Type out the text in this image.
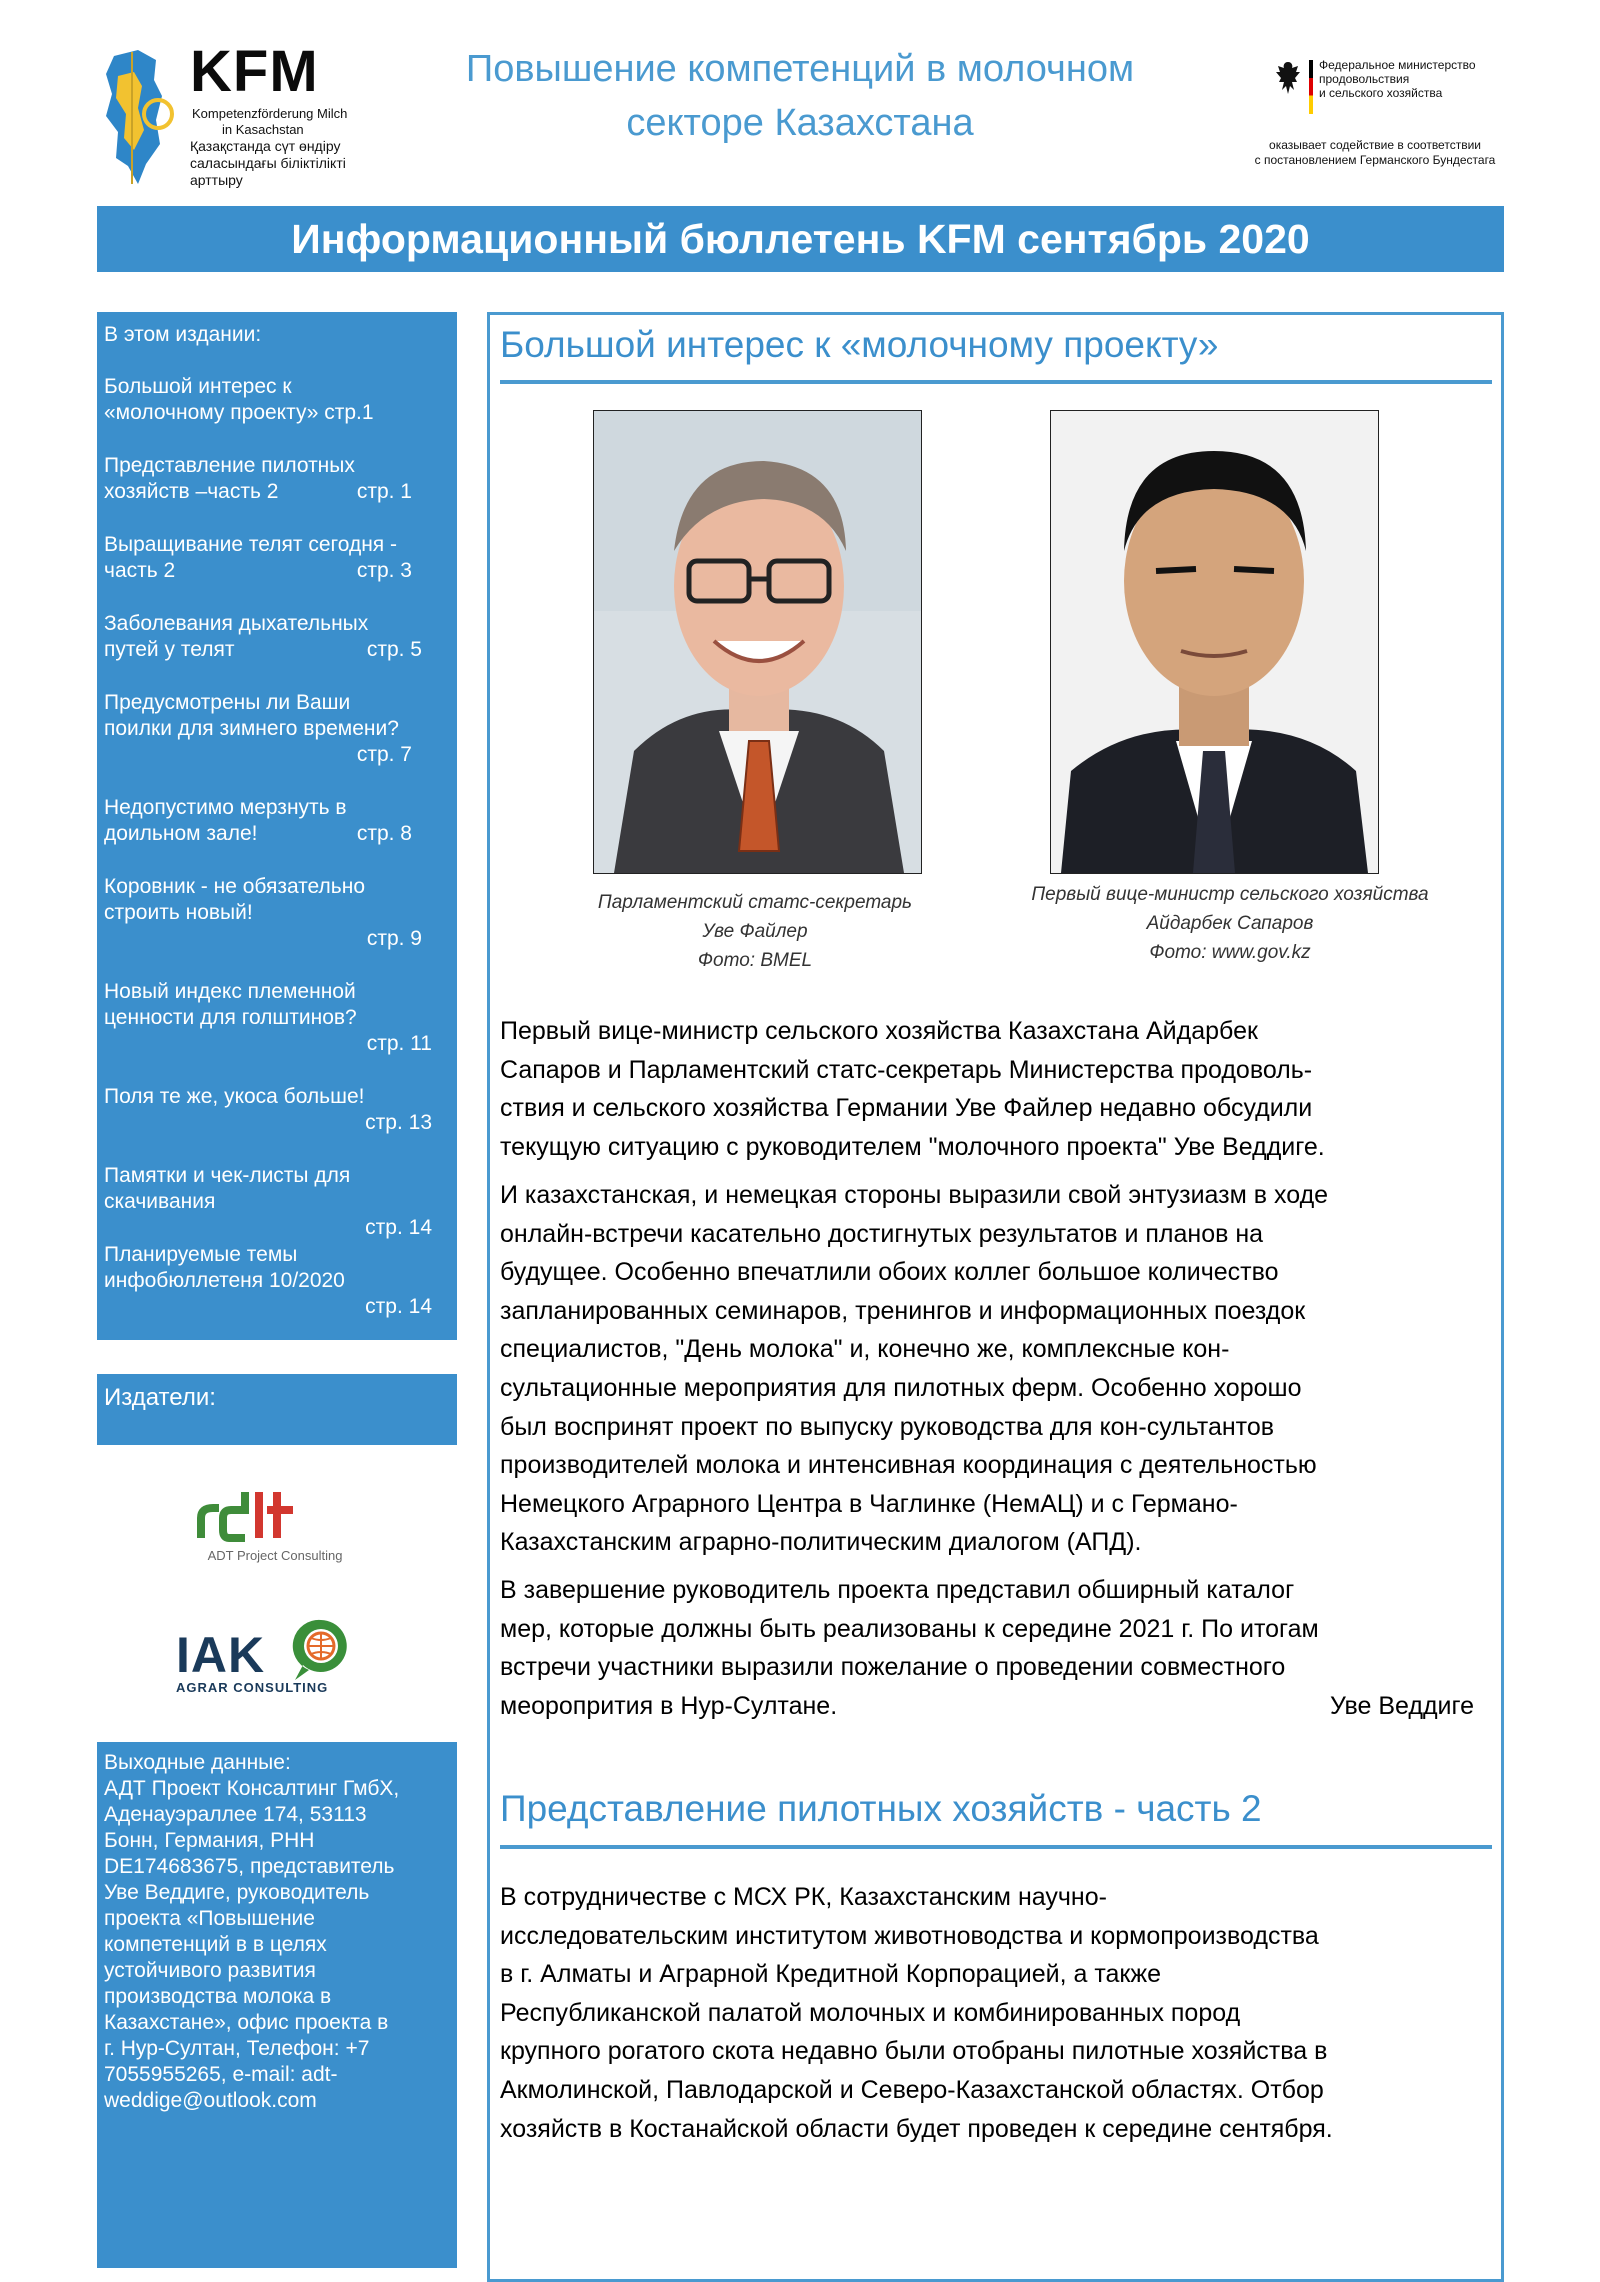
KFM
Kompetenzförderung Milch
in Kasachstan
Қазақстанда сүт өндіру
саласындағы біліктілікті арттыру
Повышение компетенций в молочном
секторе Казахстана
Федеральное министерство
продовольствия
и сельского хозяйства
оказывает содействие в соответствии
с постановлением Германского Бундестага
Информационный бюллетень KFM сентябрь 2020
В этом издании:
Большой интерес к
«молочному проекту» стр.1
Представление пилотных
хозяйств –часть 2	стр. 1
Выращивание телят сегодня -
часть 2	стр. 3
Заболевания дыхательных
путей у телят	стр. 5
Предусмотрены ли Ваши
поилки для зимнего времени?
стр. 7
Недопустимо мерзнуть в
доильном зале!	стр. 8
Коровник - не обязательно
строить новый!
стр. 9
Новый индекс племенной
ценности для голштинов?
стр. 11
Поля те же, укоса больше!
стр. 13
Памятки и чек-листы для
скачивания
стр. 14
Планируемые темы
инфобюллетеня 10/2020
стр. 14
Издатели:
ADT Project Consulting
IAK
AGRAR CONSULTING
Выходные данные:
АДТ Проект Консалтинг ГмбХ,
Аденауэраллее 174, 53113
Бонн, Германия, РНН
DE174683675, представитель
Уве Веддиге, руководитель
проекта «Повышение
компетенций в в целях
устойчивого развития
производства молока в
Казахстане», офис проекта в
г. Нур-Султан, Телефон: +7
7055955265, e-mail: adt-
weddige@outlook.com
Большой интерес к «молочному проекту»
Парламентский статс-секретарь
Уве Файлер
Фото: BMEL
Первый вице-министр сельского хозяйства
Айдарбек Сапаров
Фото: www.gov.kz
Первый вице-министр сельского хозяйства Казахстана Айдарбек
Сапаров и Парламентский статс-секретарь Министерства продоволь-
ствия и сельского хозяйства Германии Уве Файлер недавно обсудили
текущую ситуацию с руководителем "молочного проекта" Уве Веддиге.
И казахстанская, и немецкая стороны выразили свой энтузиазм в ходе
онлайн-встречи касательно достигнутых результатов и планов на
будущее. Особенно впечатлили обоих коллег большое количество
запланированных семинаров, тренингов и информационных поездок
специалистов, "День молока" и, конечно же, комплексные кон-
сультационные мероприятия для пилотных ферм. Особенно хорошо
был воспринят проект по выпуску руководства для кон-сультантов
производителей молока и интенсивная координация с деятельностью
Немецкого Аграрного Центра в Чаглинке (НемАЦ) и с Германо-
Казахстанским аграрно-политическим диалогом (АПД).
В завершение руководитель проекта представил обширный каталог
мер, которые должны быть реализованы к середине 2021 г. По итогам
встречи участники выразили пожелание о проведении совместного
меоропрития в Нур-Султане.	Уве Веддиге
Представление пилотных хозяйств - часть 2
В сотрудничестве с МСХ РК, Казахстанским научно-
исследовательским институтом животноводства и кормопроизводства
в г. Алматы и Аграрной Кредитной Корпорацией, а также
Республиканской палатой молочных и комбинированных пород
крупного рогатого скота недавно были отобраны пилотные хозяйства в
Акмолинской, Павлодарской и Северо-Казахстанской областях. Отбор
хозяйств в Костанайской области будет проведен к середине сентября.
